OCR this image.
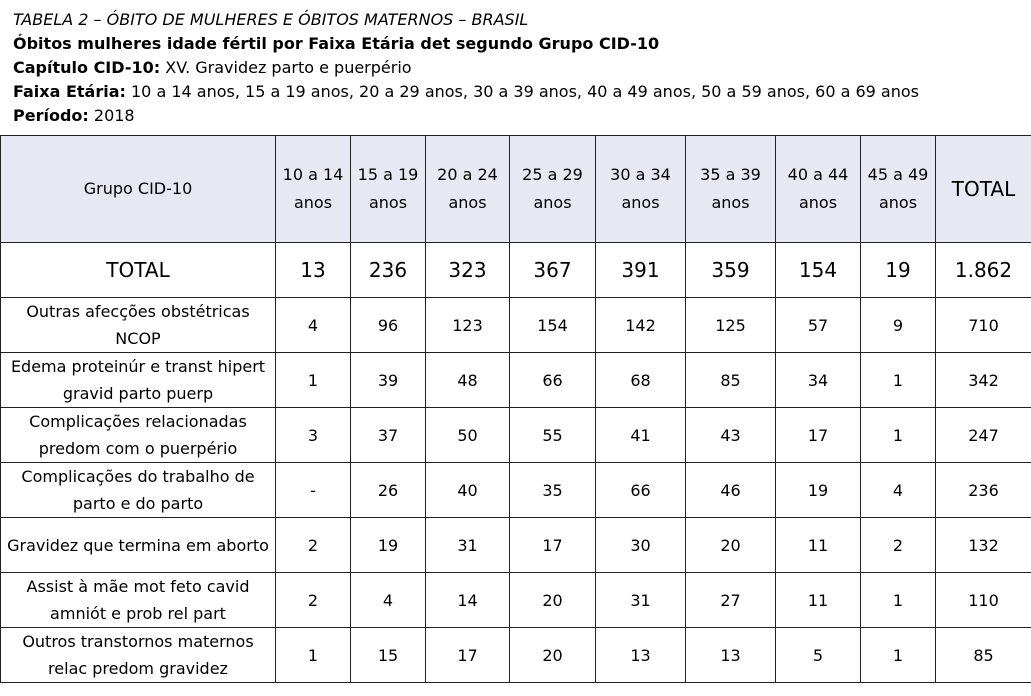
TABELA 2 – ÓBITO DE MULHERES E ÓBITOS MATERNOS – BRASIL
Óbitos mulheres idade fértil por Faixa Etária det segundo Grupo CID-10
Capítulo CID-10: XV. Gravidez parto e puerpério
Faixa Etária: 10 a 14 anos, 15 a 19 anos, 20 a 29 anos, 30 a 39 anos, 40 a 49 anos, 50 a 59 anos, 60 a 69 anos
Período: 2018
Grupo CID-10	10 a 14 anos	15 a 19 anos	20 a 24 anos	25 a 29 anos	30 a 34 anos	35 a 39 anos	40 a 44 anos	45 a 49 anos	TOTAL
TOTAL	13	236	323	367	391	359	154	19	1.862
Outras afecções obstétricas NCOP	4	96	123	154	142	125	57	9	710
Edema proteinúr e transt hipert gravid parto puerp	1	39	48	66	68	85	34	1	342
Complicações relacionadas predom com o puerpério	3	37	50	55	41	43	17	1	247
Complicações do trabalho de parto e do parto	-	26	40	35	66	46	19	4	236
Gravidez que termina em aborto	2	19	31	17	30	20	11	2	132
Assist à mãe mot feto cavid amniót e prob rel part	2	4	14	20	31	27	11	1	110
Outros transtornos maternos relac predom gravidez	1	15	17	20	13	13	5	1	85
